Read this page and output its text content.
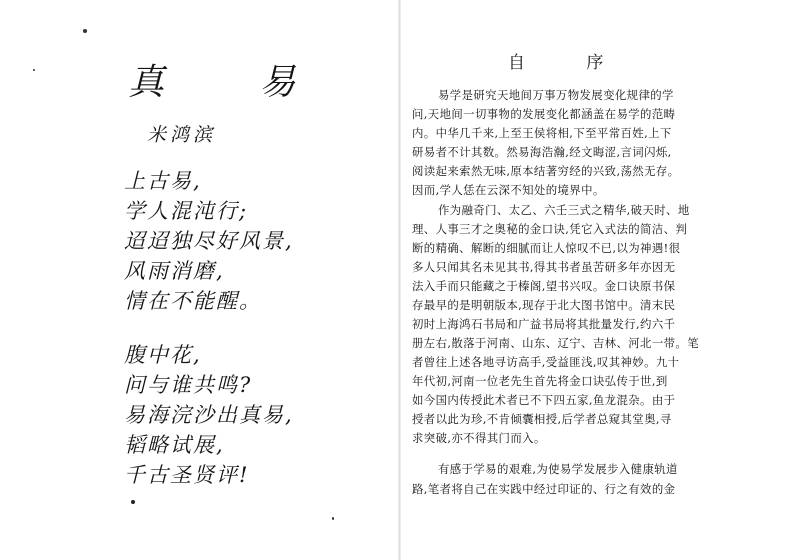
真 易
米鸿滨
上古易,
学人混沌行;
迢迢独尽好风景,
风雨消磨,
情在不能醒。
腹中花,
问与谁共鸣?
易海浣沙出真易,
韬略试展,
千古圣贤评!
自 序
易学是研究天地间万事万物发展变化规律的学
问,天地间一切事物的发展变化都涵盖在易学的范畴
内。中华几千来,上至王侯将相,下至平常百姓,上下
研易者不计其数。然易海浩瀚,经文晦涩,言词闪烁,
阅读起来索然无味,原本结著穷经的兴致,荡然无存。
因而,学人恁在云深不知处的境界中。
作为融奇门、太乙、六壬三式之精华,破天时、地
理、人事三才之奥秘的金口诀,凭它入式法的简洁、判
断的精确、解断的细腻而让人惊叹不已,以为神遇!很
多人只闻其名未见其书,得其书者虽苦研多年亦因无
法入手而只能藏之于榛阁,望书兴叹。金口诀原书保
存最早的是明朝版本,现存于北大图书馆中。清末民
初时上海鸿石书局和广益书局将其批量发行,约六千
册左右,散落于河南、山东、辽宁、吉林、河北一带。笔
者曾往上述各地寻访高手,受益匪浅,叹其神妙。九十
年代初,河南一位老先生首先将金口诀弘传于世,到
如今国内传授此术者已不下四五家,鱼龙混杂。由于
授者以此为珍,不肯倾囊相授,后学者总窥其堂奥,寻
求突破,亦不得其门而入。
有感于学易的艰难,为使易学发展步入健康轨道
路,笔者将自己在实践中经过印证的、行之有效的金
